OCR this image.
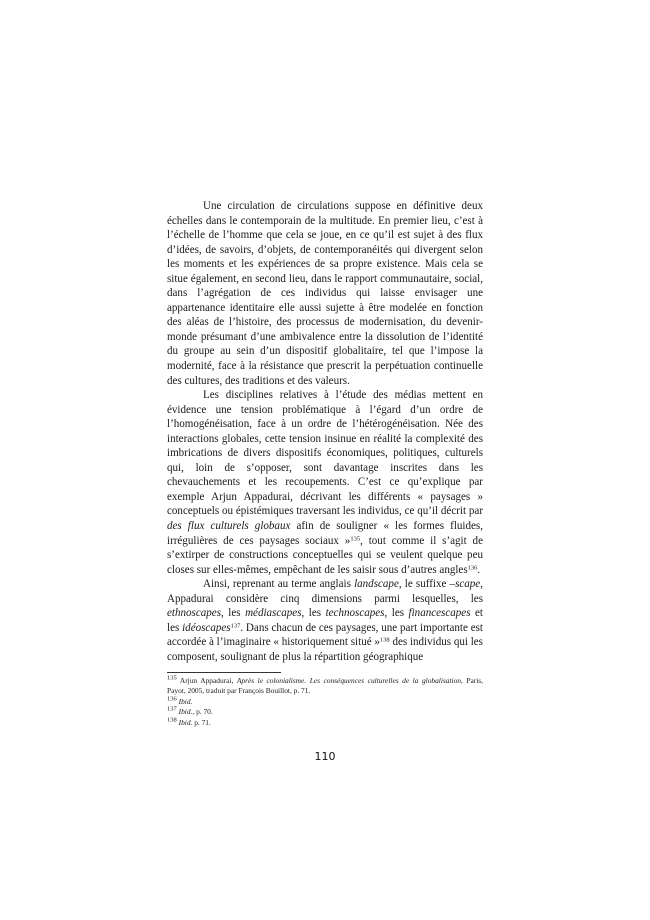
Une circulation de circulations suppose en définitive deux échelles dans le contemporain de la multitude. En premier lieu, c’est à l’échelle de l’homme que cela se joue, en ce qu’il est sujet à des flux d’idées, de savoirs, d’objets, de contemporanéités qui divergent selon les moments et les expériences de sa propre existence. Mais cela se situe également, en second lieu, dans le rapport communautaire, social, dans l’agrégation de ces individus qui laisse envisager une appartenance identitaire elle aussi sujette à être modelée en fonction des aléas de l’histoire, des processus de modernisation, du devenir-monde présumant d’une ambivalence entre la dissolution de l’identité du groupe au sein d’un dispositif globalitaire, tel que l’impose la modernité, face à la résistance que prescrit la perpétuation continuelle des cultures, des traditions et des valeurs.

Les disciplines relatives à l’étude des médias mettent en évidence une tension problématique à l’égard d’un ordre de l’homogénéisation, face à un ordre de l’hétérogénéisation. Née des interactions globales, cette tension insinue en réalité la complexité des imbrications de divers dispositifs économiques, politiques, culturels qui, loin de s’opposer, sont davantage inscrites dans les chevauchements et les recoupements. C’est ce qu’explique par exemple Arjun Appadurai, décrivant les différents « paysages » conceptuels ou épistémiques traversant les individus, ce qu’il décrit par des flux culturels globaux afin de souligner « les formes fluides, irrégulières de ces paysages sociaux »$^{135}$, tout comme il s’agit de s’extirper de constructions conceptuelles qui se veulent quelque peu closes sur elles-mêmes, empêchant de les saisir sous d’autres angles$^{136}$.

Ainsi, reprenant au terme anglais landscape, le suffixe –scape, Appadurai considère cinq dimensions parmi lesquelles, les ethnoscapes, les médiascapes, les technoscapes, les financescapes et les idéoscapes$^{137}$. Dans chacun de ces paysages, une part importante est accordée à l’imaginaire « historiquement situé »$^{138}$ des individus qui les composent, soulignant de plus la répartition géographique

$^{135}$ Arjun Appadurai, Après le colonialisme. Les conséquences culturelles de la globalisation, Paris, Payot, 2005, traduit par François Bouillot, p. 71.

$^{136}$ Ibid.

$^{137}$ Ibid., p. 70.

$^{138}$ Ibid. p. 71.

110
